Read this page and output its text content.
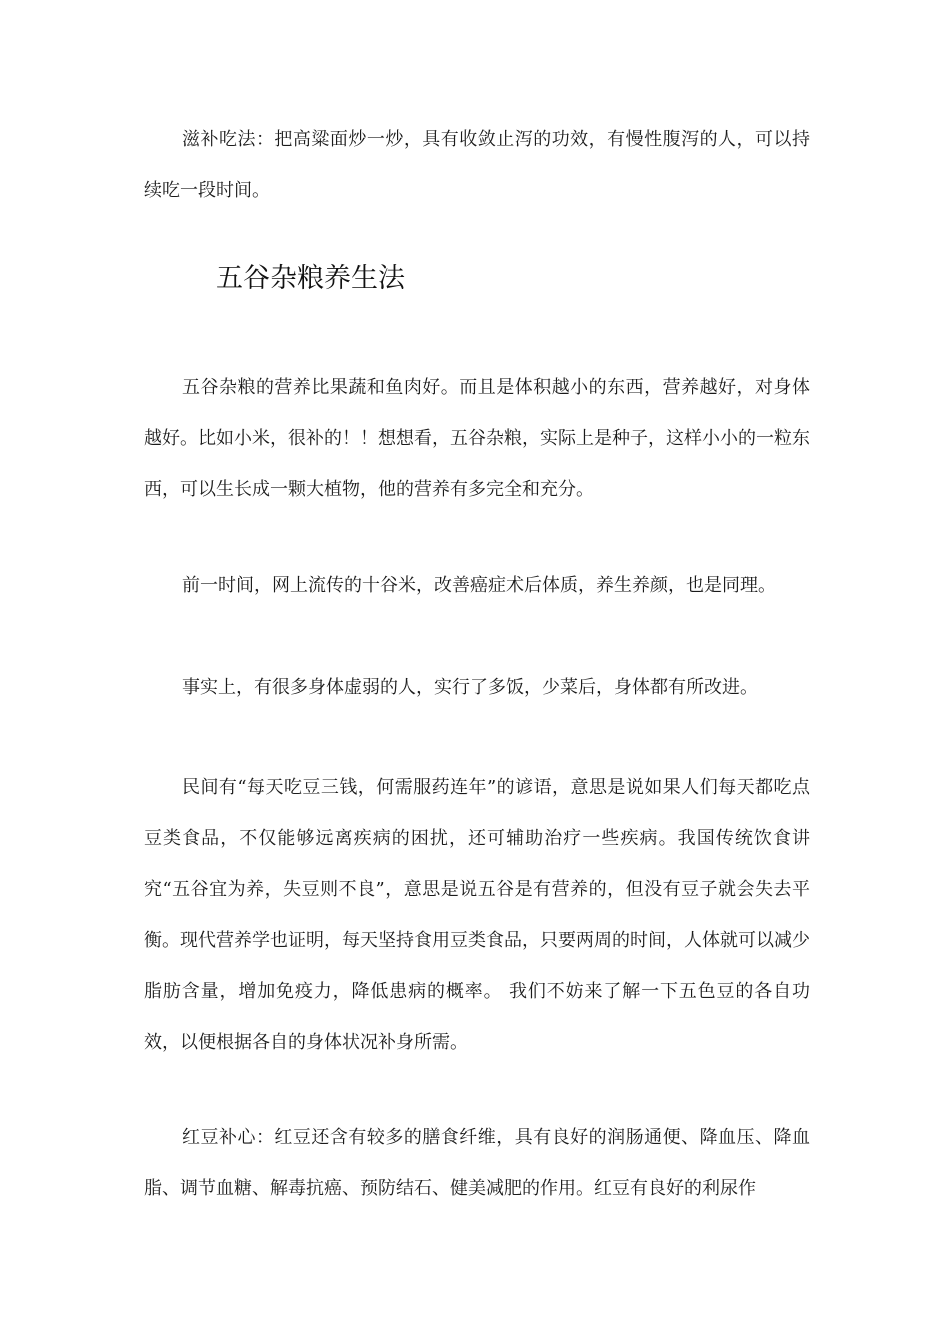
滋补吃法：把高粱面炒一炒，具有收敛止泻的功效，有慢性腹泻的人，可以持续吃一段时间。

五谷杂粮养生法

五谷杂粮的营养比果蔬和鱼肉好。而且是体积越小的东西，营养越好，对身体越好。比如小米，很补的！！想想看，五谷杂粮，实际上是种子，这样小小的一粒东西，可以生长成一颗大植物，他的营养有多完全和充分。

前一时间，网上流传的十谷米，改善癌症术后体质，养生养颜，也是同理。

事实上，有很多身体虚弱的人，实行了多饭，少菜后，身体都有所改进。

民间有“每天吃豆三钱，何需服药连年”的谚语，意思是说如果人们每天都吃点豆类食品，不仅能够远离疾病的困扰，还可辅助治疗一些疾病。我国传统饮食讲究“五谷宜为养，失豆则不良”，意思是说五谷是有营养的，但没有豆子就会失去平衡。现代营养学也证明，每天坚持食用豆类食品，只要两周的时间，人体就可以减少脂肪含量，增加免疫力，降低患病的概率。 我们不妨来了解一下五色豆的各自功效，以便根据各自的身体状况补身所需。

红豆补心：红豆还含有较多的膳食纤维，具有良好的润肠通便、降血压、降血脂、调节血糖、解毒抗癌、预防结石、健美减肥的作用。红豆有良好的利尿作
